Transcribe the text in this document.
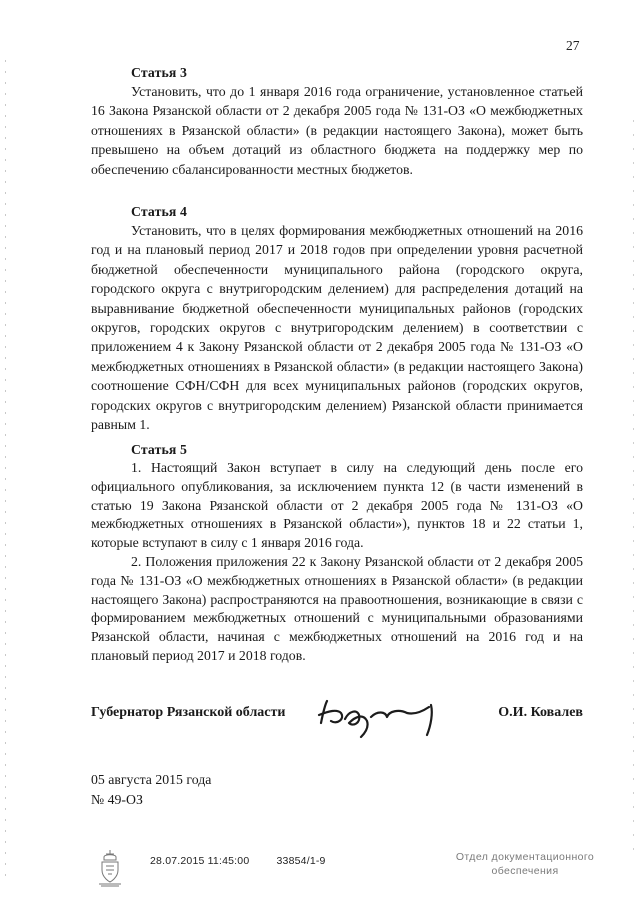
27
Статья 3

Установить, что до 1 января 2016 года ограничение, установленное статьей 16 Закона Рязанской области от 2 декабря 2005 года № 131-ОЗ «О межбюджетных отношениях в Рязанской области» (в редакции настоящего Закона), может быть превышено на объем дотаций из областного бюджета на поддержку мер по обеспечению сбалансированности местных бюджетов.

Статья 4

Установить, что в целях формирования межбюджетных отношений на 2016 год и на плановый период 2017 и 2018 годов при определении уровня расчетной бюджетной обеспеченности муниципального района (городского округа, городского округа с внутригородским делением) для распределения дотаций на выравнивание бюджетной обеспеченности муниципальных районов (городских округов, городских округов с внутригородским делением) в соответствии с приложением 4 к Закону Рязанской области от 2 декабря 2005 года № 131-ОЗ «О межбюджетных отношениях в Рязанской области» (в редакции настоящего Закона) соотношение СФН/СФН для всех муниципальных районов (городских округов, городских округов с внутригородским делением) Рязанской области принимается равным 1.

Статья 5

1. Настоящий Закон вступает в силу на следующий день после его официального опубликования, за исключением пункта 12 (в части изменений в статью 19 Закона Рязанской области от 2 декабря 2005 года № 131-ОЗ «О межбюджетных отношениях в Рязанской области»), пунктов 18 и 22 статьи 1, которые вступают в силу с 1 января 2016 года.

2. Положения приложения 22 к Закону Рязанской области от 2 декабря 2005 года № 131-ОЗ «О межбюджетных отношениях в Рязанской области» (в редакции настоящего Закона) распространяются на правоотношения, возникающие в связи с формированием межбюджетных отношений с муниципальными образованиями Рязанской области, начиная с межбюджетных отношений на 2016 год и на плановый период 2017 и 2018 годов.

Губернатор Рязанской области	О.И. Ковалев
05 августа 2015 года
№ 49-ОЗ
28.07.2015 11:45:00	33854/1-9	Отдел документационного
обеспечения
